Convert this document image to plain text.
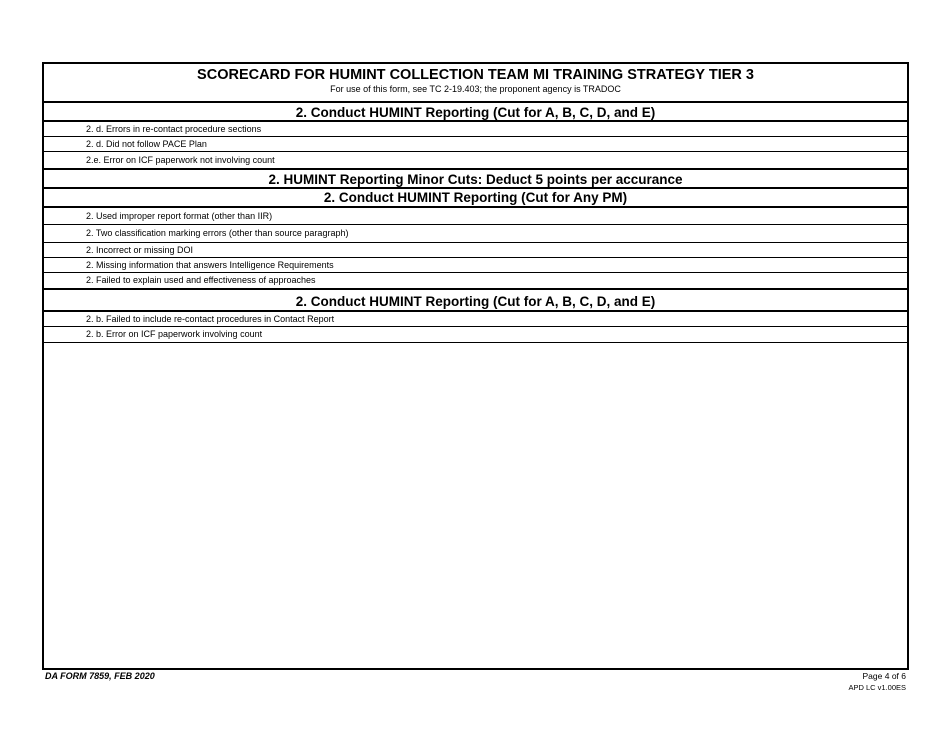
SCORECARD FOR HUMINT COLLECTION TEAM MI TRAINING STRATEGY TIER 3
For use of this form, see TC 2-19.403; the proponent agency is TRADOC
2. Conduct HUMINT Reporting (Cut for A, B, C, D, and E)
2. d. Errors in re-contact procedure sections
2. d. Did not follow PACE Plan
2.e. Error on ICF paperwork not involving count
2. HUMINT Reporting Minor Cuts: Deduct 5 points per accurance
2. Conduct HUMINT Reporting (Cut for Any PM)
2. Used improper report format (other than IIR)
2. Two classification marking errors (other than source paragraph)
2. Incorrect or missing DOI
2. Missing information that answers Intelligence Requirements
2. Failed to explain used and effectiveness of approaches
2. Conduct HUMINT Reporting (Cut for A, B, C, D, and E)
2. b. Failed to include re-contact procedures in Contact Report
2. b. Error on ICF paperwork involving count
DA FORM 7859, FEB 2020	Page 4 of 6
APD LC v1.00ES
